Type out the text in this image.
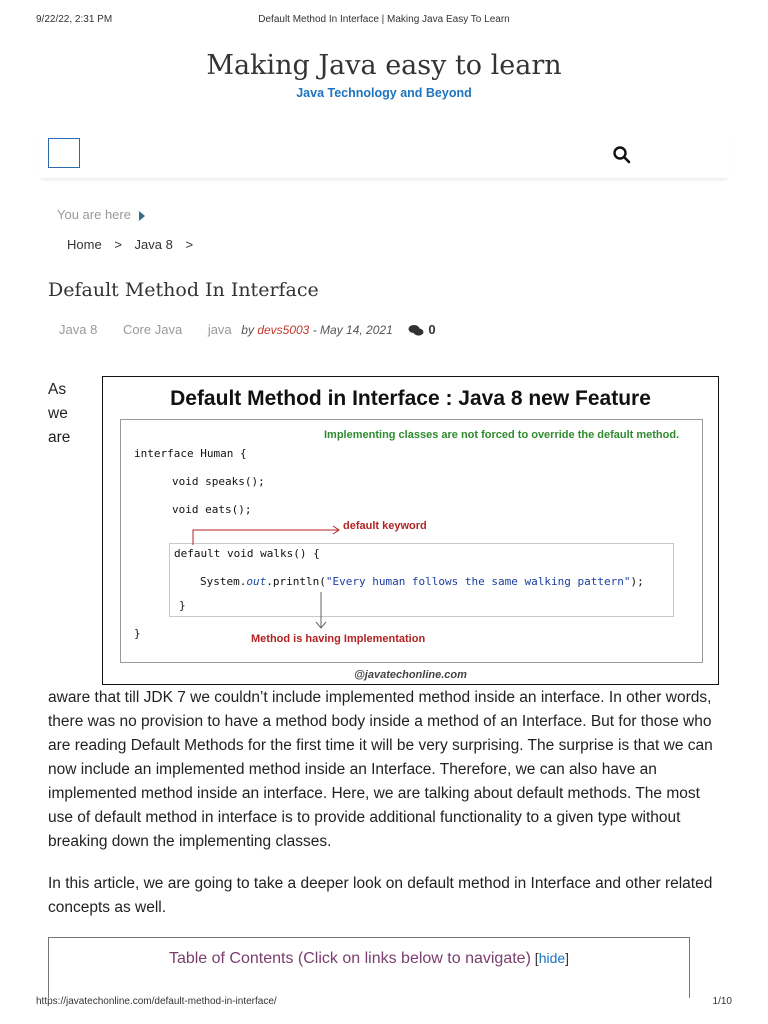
9/22/22, 2:31 PM	Default Method In Interface | Making Java Easy To Learn
Making Java easy to learn
Java Technology and Beyond
You are here
Home > Java 8 >
Default Method In Interface
Java 8 Core Java java by devs5003 - May 14, 2021	0
As
we
are
Default Method in Interface : Java 8 new Feature
Implementing classes are not forced to override the default method.
interface Human {
void speaks();
void eats();
default void walks() {
System.out.println("Every human follows the same walking pattern");
}
}
default keyword
Method is having Implementation
@javatechonline.com

aware that till JDK 7 we couldn’t include implemented method inside an interface. In other words, there was no provision to have a method body inside a method of an Interface. But for those who are reading Default Methods for the first time it will be very surprising. The surprise is that we can now include an implemented method inside an Interface. Therefore, we can also have an implemented method inside an interface. Here, we are talking about default methods. The most use of default method in interface is to provide additional functionality to a given type without breaking down the implementing classes.

In this article, we are going to take a deeper look on default method in Interface and other related concepts as well.

Table of Contents (Click on links below to navigate) [hide]
https://javatechonline.com/default-method-in-interface/	1/10
